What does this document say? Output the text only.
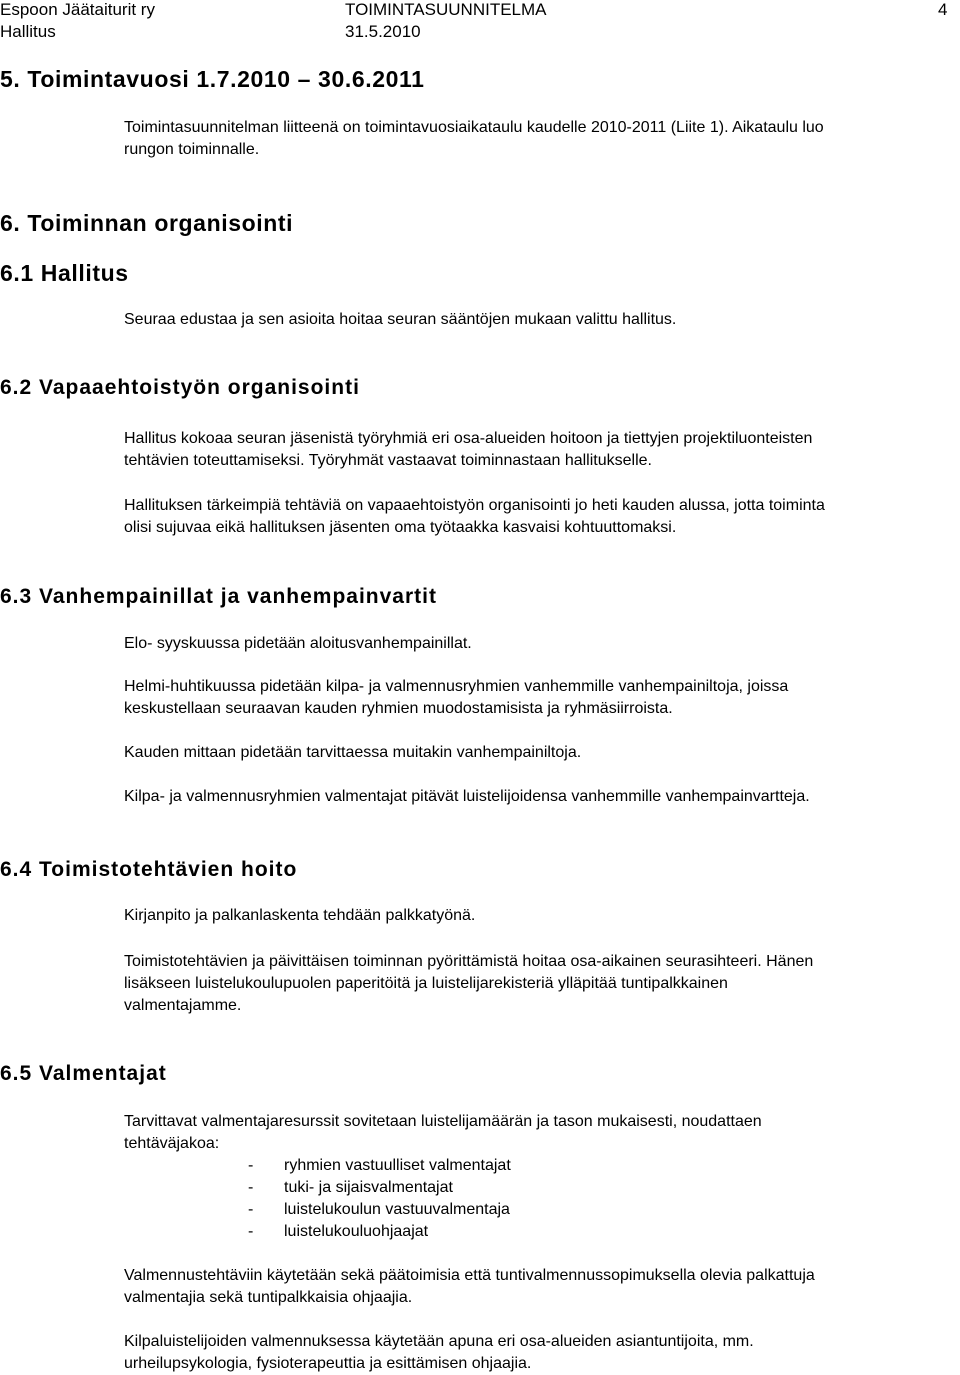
Espoon Jäätaiturit ry	TOIMINTASUUNNITELMA	4
Hallitus	31.5.2010
5. Toimintavuosi 1.7.2010 – 30.6.2011
Toimintasuunnitelman liitteenä on toimintavuosiaikataulu kaudelle 2010-2011 (Liite 1). Aikataulu luo
rungon toiminnalle.
6. Toiminnan organisointi
6.1 Hallitus
Seuraa edustaa ja sen asioita hoitaa seuran sääntöjen mukaan valittu hallitus.
6.2 Vapaaehtoistyön organisointi
Hallitus kokoaa seuran jäsenistä työryhmiä eri osa-alueiden hoitoon ja tiettyjen projektiluonteisten
tehtävien toteuttamiseksi. Työryhmät vastaavat toiminnastaan hallitukselle.
Hallituksen tärkeimpiä tehtäviä on vapaaehtoistyön organisointi jo heti kauden alussa, jotta toiminta
olisi sujuvaa eikä hallituksen jäsenten oma työtaakka kasvaisi kohtuuttomaksi.
6.3 Vanhempainillat ja vanhempainvartit
Elo- syyskuussa pidetään aloitusvanhempainillat.
Helmi-huhtikuussa pidetään kilpa- ja valmennusryhmien vanhemmille vanhempainiltoja, joissa
keskustellaan seuraavan kauden ryhmien muodostamisista ja ryhmäsiirroista.
Kauden mittaan pidetään tarvittaessa muitakin vanhempainiltoja.
Kilpa- ja valmennusryhmien valmentajat pitävät luistelijoidensa vanhemmille vanhempainvartteja.
6.4 Toimistotehtävien hoito
Kirjanpito ja palkanlaskenta tehdään palkkatyönä.
Toimistotehtävien ja päivittäisen toiminnan pyörittämistä hoitaa osa-aikainen seurasihteeri. Hänen
lisäkseen luistelukoulupuolen paperitöitä ja luistelijarekisteriä ylläpitää tuntipalkkainen
valmentajamme.
6.5 Valmentajat
Tarvittavat valmentajaresurssit sovitetaan luistelijamäärän ja tason mukaisesti, noudattaen
tehtäväjakoa:
- ryhmien vastuulliset valmentajat
- tuki- ja sijaisvalmentajat
- luistelukoulun vastuuvalmentaja
- luistelukouluohjaajat
Valmennustehtäviin käytetään sekä päätoimisia että tuntivalmennussopimuksella olevia palkattuja
valmentajia sekä tuntipalkkaisia ohjaajia.
Kilpaluistelijoiden valmennuksessa käytetään apuna eri osa-alueiden asiantuntijoita, mm.
urheilupsykologia, fysioterapeuttia ja esittämisen ohjaajia.
